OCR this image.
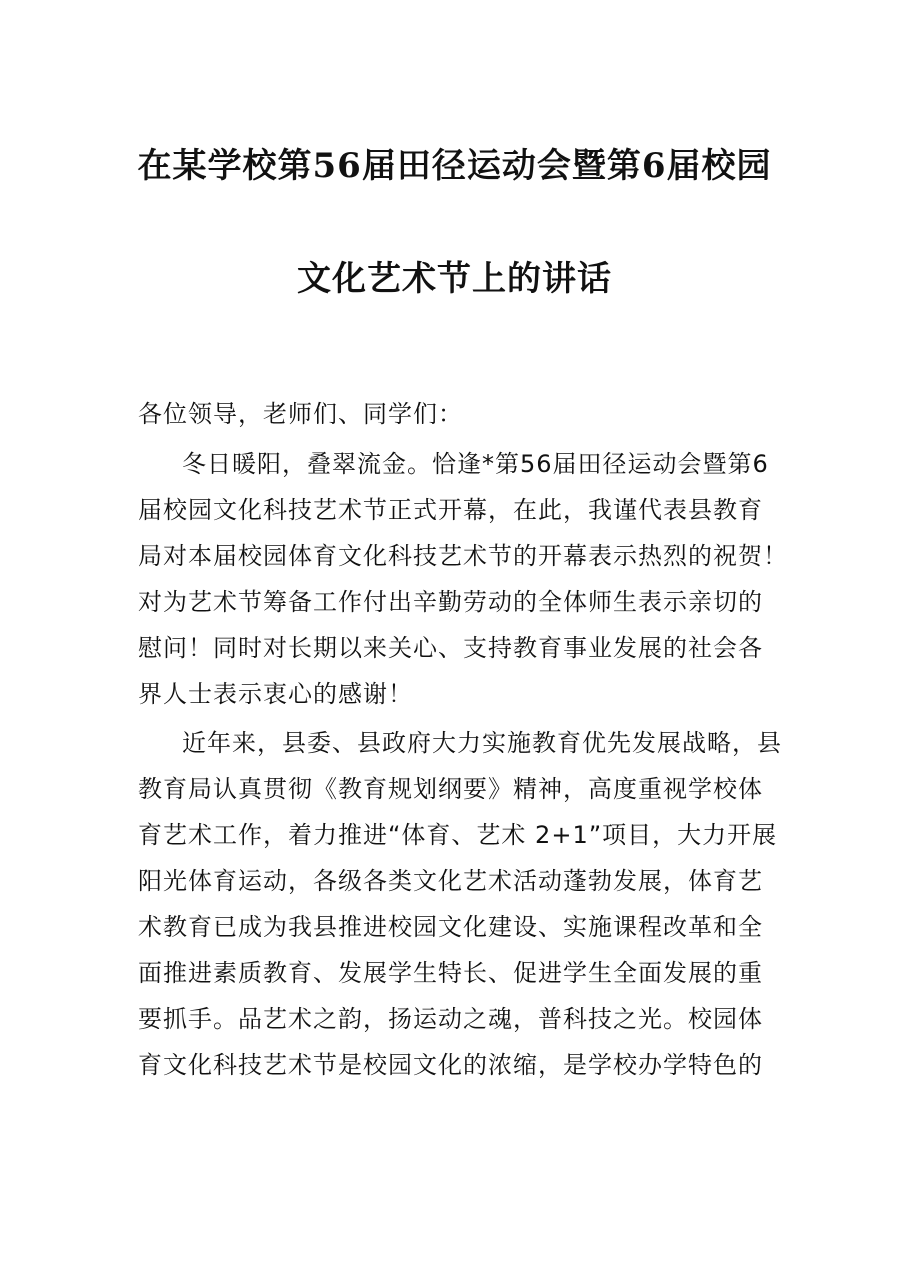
在某学校第56届田径运动会暨第6届校园
文化艺术节上的讲话
各位领导，老师们、同学们：
冬日暖阳，叠翠流金。恰逢*第56届田径运动会暨第6
届校园文化科技艺术节正式开幕，在此，我谨代表县教育
局对本届校园体育文化科技艺术节的开幕表示热烈的祝贺！
对为艺术节筹备工作付出辛勤劳动的全体师生表示亲切的
慰问！同时对长期以来关心、支持教育事业发展的社会各
界人士表示衷心的感谢！
近年来，县委、县政府大力实施教育优先发展战略，县
教育局认真贯彻《教育规划纲要》精神，高度重视学校体
育艺术工作，着力推进“体育、艺术 2+1”项目，大力开展
阳光体育运动，各级各类文化艺术活动蓬勃发展，体育艺
术教育已成为我县推进校园文化建设、实施课程改革和全
面推进素质教育、发展学生特长、促进学生全面发展的重
要抓手。品艺术之韵，扬运动之魂，普科技之光。校园体
育文化科技艺术节是校园文化的浓缩，是学校办学特色的
